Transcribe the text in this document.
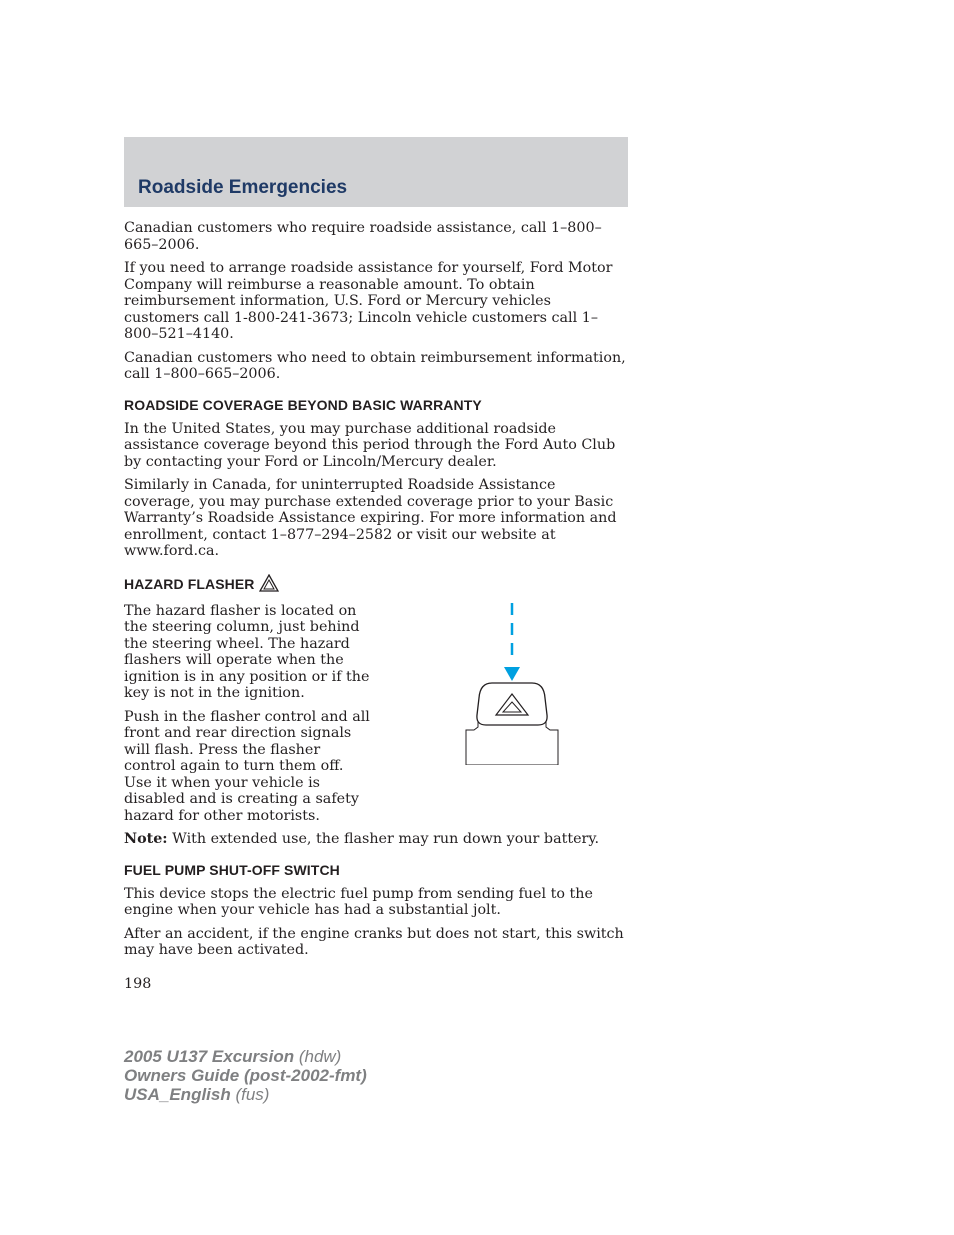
Roadside Emergencies

Canadian customers who require roadside assistance, call 1–800–665–2006.

If you need to arrange roadside assistance for yourself, Ford Motor Company will reimburse a reasonable amount. To obtain reimbursement information, U.S. Ford or Mercury vehicles customers call 1-800-241-3673; Lincoln vehicle customers call 1–800–521–4140.

Canadian customers who need to obtain reimbursement information, call 1–800–665–2006.

ROADSIDE COVERAGE BEYOND BASIC WARRANTY

In the United States, you may purchase additional roadside assistance coverage beyond this period through the Ford Auto Club by contacting your Ford or Lincoln/Mercury dealer.

Similarly in Canada, for uninterrupted Roadside Assistance coverage, you may purchase extended coverage prior to your Basic Warranty’s Roadside Assistance expiring. For more information and enrollment, contact 1–877–294–2582 or visit our website at www.ford.ca.

HAZARD FLASHER

The hazard flasher is located on the steering column, just behind the steering wheel. The hazard flashers will operate when the ignition is in any position or if the key is not in the ignition.

Push in the flasher control and all front and rear direction signals will flash. Press the flasher control again to turn them off. Use it when your vehicle is disabled and is creating a safety hazard for other motorists.

Note: With extended use, the flasher may run down your battery.

FUEL PUMP SHUT-OFF SWITCH

This device stops the electric fuel pump from sending fuel to the engine when your vehicle has had a substantial jolt.

After an accident, if the engine cranks but does not start, this switch may have been activated.

198

2005 U137 Excursion (hdw)
Owners Guide (post-2002-fmt)
USA_English (fus)
